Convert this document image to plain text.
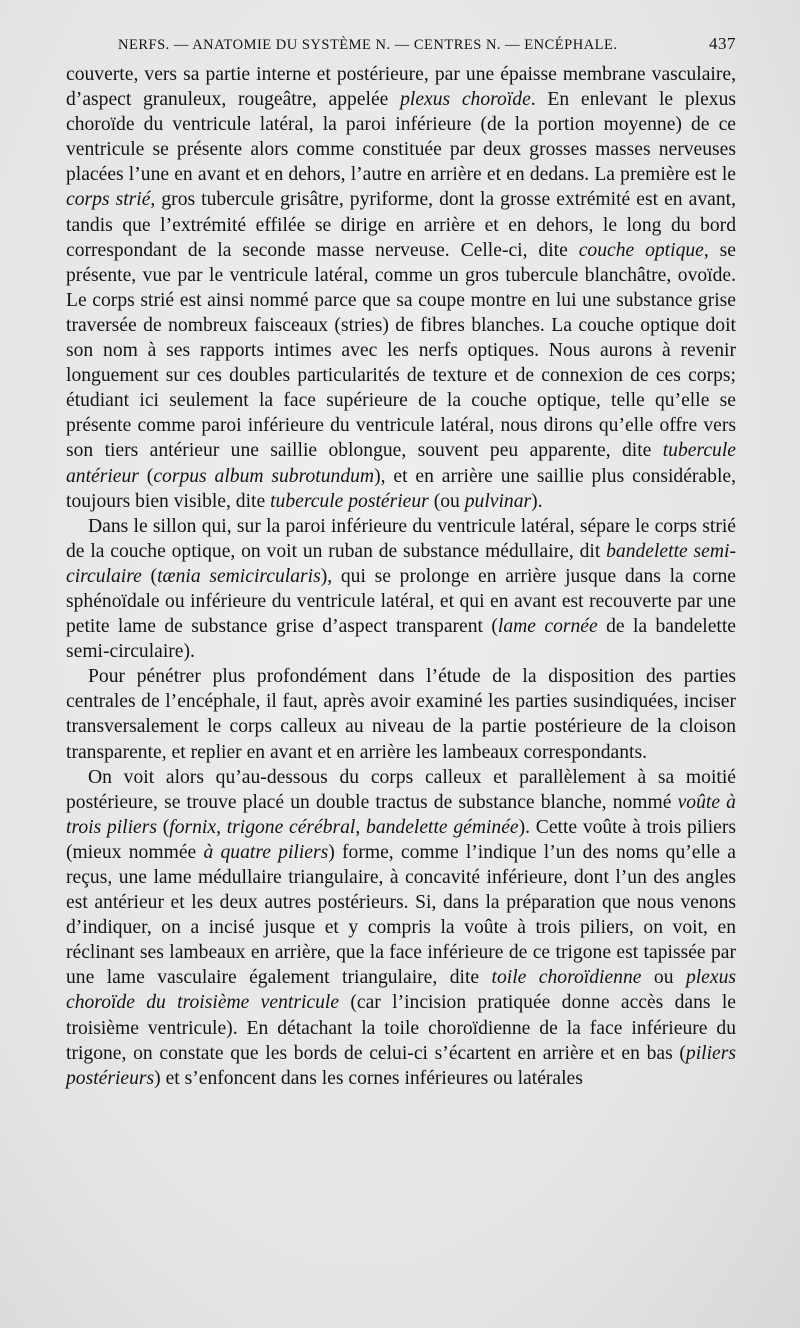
NERFS. — ANATOMIE DU SYSTÈME N. — CENTRES N. — ENCÉPHALE.	437

couverte, vers sa partie interne et postérieure, par une épaisse membrane vasculaire, d’aspect granuleux, rougeâtre, appelée plexus choroïde. En enlevant le plexus choroïde du ventricule latéral, la paroi inférieure (de la portion moyenne) de ce ventricule se présente alors comme constituée par deux grosses masses nerveuses placées l’une en avant et en dehors, l’autre en arrière et en dedans. La première est le corps strié, gros tubercule grisâtre, pyriforme, dont la grosse extrémité est en avant, tandis que l’extrémité effilée se dirige en arrière et en dehors, le long du bord correspondant de la seconde masse nerveuse. Celle-ci, dite couche optique, se présente, vue par le ventricule latéral, comme un gros tubercule blanchâtre, ovoïde. Le corps strié est ainsi nommé parce que sa coupe montre en lui une substance grise traversée de nombreux faisceaux (stries) de fibres blanches. La couche optique doit son nom à ses rapports intimes avec les nerfs optiques. Nous aurons à revenir longuement sur ces doubles particularités de texture et de connexion de ces corps; étudiant ici seulement la face supérieure de la couche optique, telle qu’elle se présente comme paroi inférieure du ventricule latéral, nous dirons qu’elle offre vers son tiers antérieur une saillie oblongue, souvent peu apparente, dite tubercule antérieur (corpus album subrotundum), et en arrière une saillie plus considérable, toujours bien visible, dite tubercule postérieur (ou pulvinar).

Dans le sillon qui, sur la paroi inférieure du ventricule latéral, sépare le corps strié de la couche optique, on voit un ruban de substance médullaire, dit bandelette semi-circulaire (tænia semicircularis), qui se prolonge en arrière jusque dans la corne sphénoïdale ou inférieure du ventricule latéral, et qui en avant est recouverte par une petite lame de substance grise d’aspect transparent (lame cornée de la bandelette semi-circulaire).

Pour pénétrer plus profondément dans l’étude de la disposition des parties centrales de l’encéphale, il faut, après avoir examiné les parties susindiquées, inciser transversalement le corps calleux au niveau de la partie postérieure de la cloison transparente, et replier en avant et en arrière les lambeaux correspondants.

On voit alors qu’au-dessous du corps calleux et parallèlement à sa moitié postérieure, se trouve placé un double tractus de substance blanche, nommé voûte à trois piliers (fornix, trigone cérébral, bandelette géminée). Cette voûte à trois piliers (mieux nommée à quatre piliers) forme, comme l’indique l’un des noms qu’elle a reçus, une lame médullaire triangulaire, à concavité inférieure, dont l’un des angles est antérieur et les deux autres postérieurs. Si, dans la préparation que nous venons d’indiquer, on a incisé jusque et y compris la voûte à trois piliers, on voit, en réclinant ses lambeaux en arrière, que la face inférieure de ce trigone est tapissée par une lame vasculaire également triangulaire, dite toile choroïdienne ou plexus choroïde du troisième ventricule (car l’incision pratiquée donne accès dans le troisième ventricule). En détachant la toile choroïdienne de la face inférieure du trigone, on constate que les bords de celui-ci s’écartent en arrière et en bas (piliers postérieurs) et s’enfoncent dans les cornes inférieures ou latérales
